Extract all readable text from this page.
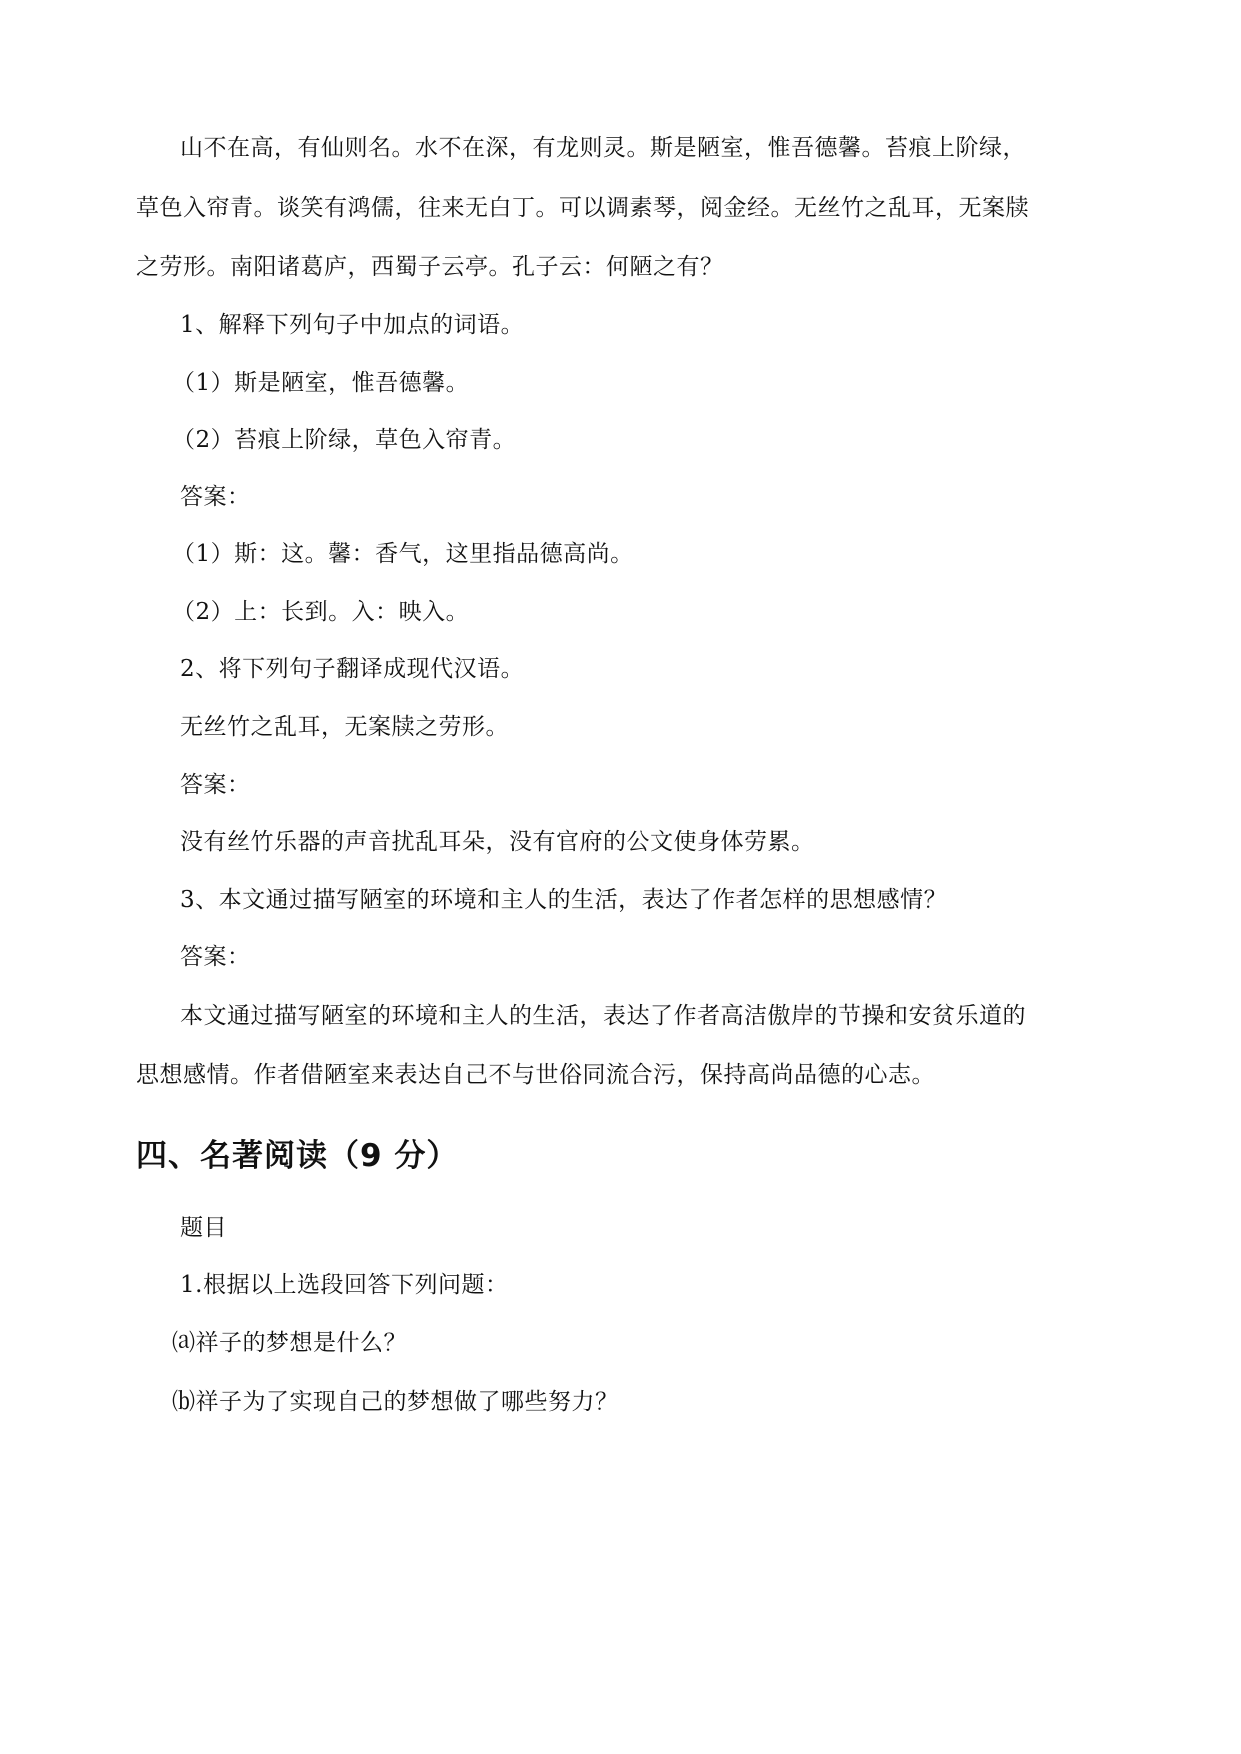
山不在高，有仙则名。水不在深，有龙则灵。斯是陋室，惟吾德馨。苔痕上阶绿，
草色入帘青。谈笑有鸿儒，往来无白丁。可以调素琴，阅金经。无丝竹之乱耳，无案牍
之劳形。南阳诸葛庐，西蜀子云亭。孔子云：何陋之有？
1、解释下列句子中加点的词语。
（1）斯是陋室，惟吾德馨。
（2）苔痕上阶绿，草色入帘青。
答案：
（1）斯：这。馨：香气，这里指品德高尚。
（2）上：长到。入：映入。
2、将下列句子翻译成现代汉语。
无丝竹之乱耳，无案牍之劳形。
答案：
没有丝竹乐器的声音扰乱耳朵，没有官府的公文使身体劳累。
3、本文通过描写陋室的环境和主人的生活，表达了作者怎样的思想感情？
答案：
本文通过描写陋室的环境和主人的生活，表达了作者高洁傲岸的节操和安贫乐道的
思想感情。作者借陋室来表达自己不与世俗同流合污，保持高尚品德的心志。
四、名著阅读（9 分）
题目
1.根据以上选段回答下列问题：
⒜祥子的梦想是什么？
⒝祥子为了实现自己的梦想做了哪些努力？
